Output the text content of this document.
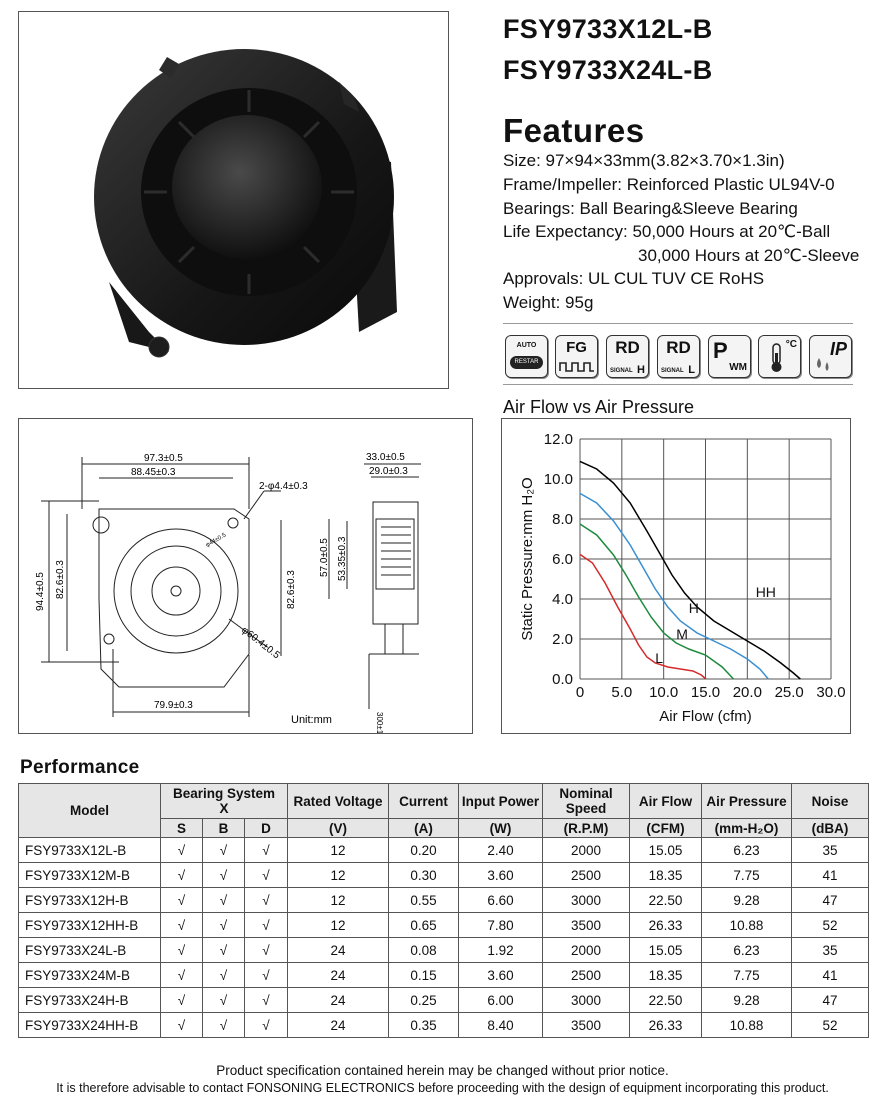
FSY9733X12L-B
FSY9733X24L-B
Features
Size: 97×94×33mm(3.82×3.70×1.3in)
Frame/Impeller: Reinforced Plastic UL94V-0
Bearings: Ball Bearing&Sleeve Bearing
Life Expectancy: 50,000 Hours at 20℃-Ball
30,000 Hours at 20℃-Sleeve
Approvals: UL CUL TUV CE RoHS
Weight: 95g
AUTO
RESTAR
FG	RD
SIGNAL H
RD
SIGNAL L
P
WM
°C IP
97.3±0.5
88.45±0.3
2-φ4.4±0.3
94.4±0.5 82.6±0.3	82.6±0.3
φ60.4±0.5
79.9±0.3
33.0±0.5
29.0±0.3
57.0±0.5 53.35±0.3
300±15mm
φ44±0.5
Unit:mm
Air Flow vs Air Pressure
0 5.0 10.0 15.0 20.0 25.0 30.0
0.0
2.0
4.0
6.0
8.0
10.0
12.0
Air Flow (cfm)
Static Pressure:mm H₂O	HH
H
M
L
Performance
Model	Bearing System
X			Rated Voltage	Current	Input Power	Nominal Speed	Air Flow	Air Pressure	Noise
	S	B	D							
				(V)	(A)	(W)	(R.P.M)	(CFM)	(mm-H₂O)	(dBA)
FSY9733X12L-B	√	√	√	12	0.20	2.40	2000	15.05	6.23	35
FSY9733X12M-B	√	√	√	12	0.30	3.60	2500	18.35	7.75	41
FSY9733X12H-B	√	√	√	12	0.55	6.60	3000	22.50	9.28	47
FSY9733X12HH-B	√	√	√	12	0.65	7.80	3500	26.33	10.88	52
FSY9733X24L-B	√	√	√	24	0.08	1.92	2000	15.05	6.23	35
FSY9733X24M-B	√	√	√	24	0.15	3.60	2500	18.35	7.75	41
FSY9733X24H-B	√	√	√	24	0.25	6.00	3000	22.50	9.28	47
FSY9733X24HH-B	√	√	√	24	0.35	8.40	3500	26.33	10.88	52
Product specification contained herein may be changed without prior notice.
It is therefore advisable to contact FONSONING ELECTRONICS before proceeding with the design of equipment incorporating this product.
